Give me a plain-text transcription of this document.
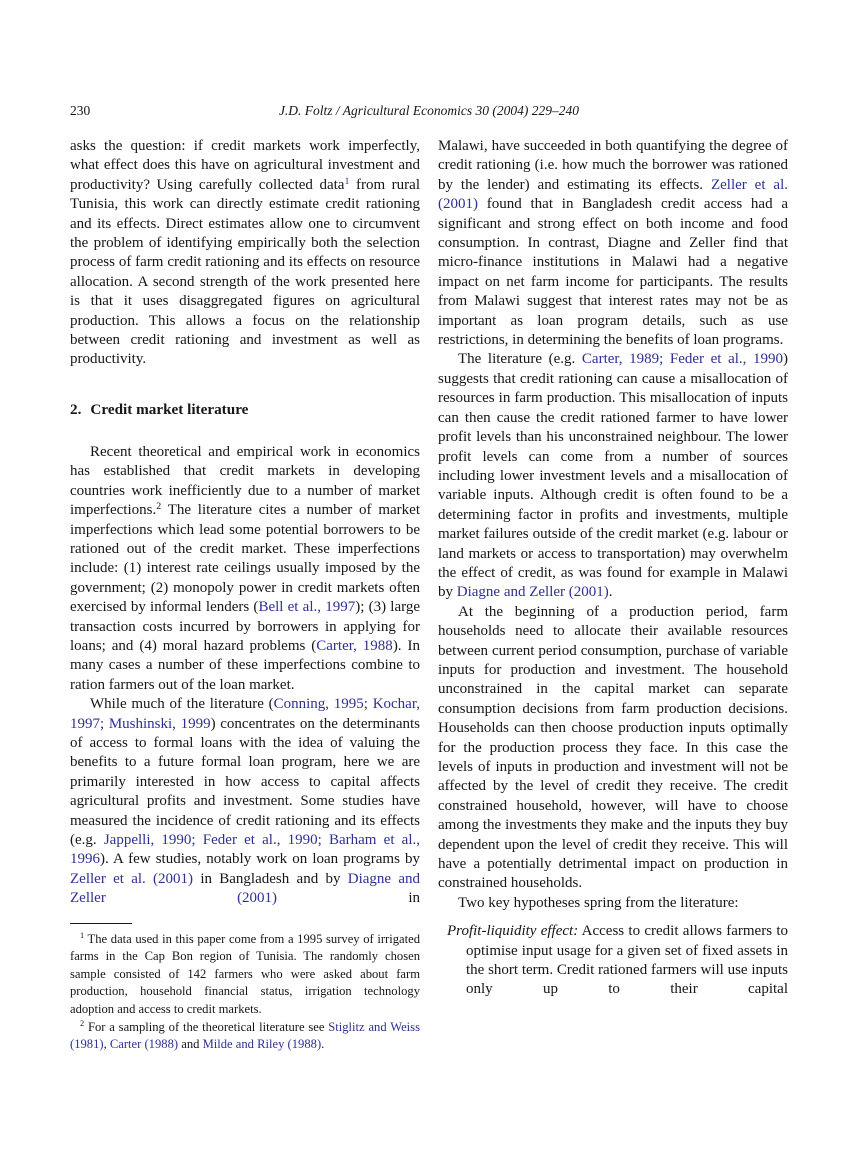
230	J.D. Foltz / Agricultural Economics 30 (2004) 229–240

asks the question: if credit markets work imperfectly, what effect does this have on agricultural investment and productivity? Using carefully collected data$^1$ from rural Tunisia, this work can directly estimate credit rationing and its effects. Direct estimates allow one to circumvent the problem of identifying empirically both the selection process of farm credit rationing and its effects on resource allocation. A second strength of the work presented here is that it uses disaggregated figures on agricultural production. This allows a focus on the relationship between credit rationing and investment as well as productivity.

2. Credit market literature

Recent theoretical and empirical work in economics has established that credit markets in developing countries work inefficiently due to a number of market imperfections.$^2$ The literature cites a number of market imperfections which lead some potential borrowers to be rationed out of the credit market. These imperfections include: (1) interest rate ceilings usually imposed by the government; (2) monopoly power in credit markets often exercised by informal lenders (Bell et al., 1997); (3) large transaction costs incurred by borrowers in applying for loans; and (4) moral hazard problems (Carter, 1988). In many cases a number of these imperfections combine to ration farmers out of the loan market.

While much of the literature (Conning, 1995; Kochar, 1997; Mushinski, 1999) concentrates on the determinants of access to formal loans with the idea of valuing the benefits to a future formal loan program, here we are primarily interested in how access to capital affects agricultural profits and investment. Some studies have measured the incidence of credit rationing and its effects (e.g. Jappelli, 1990; Feder et al., 1990; Barham et al., 1996). A few studies, notably work on loan programs by Zeller et al. (2001) in Bangladesh and by Diagne and Zeller (2001) in

$^1$ The data used in this paper come from a 1995 survey of irrigated farms in the Cap Bon region of Tunisia. The randomly chosen sample consisted of 142 farmers who were asked about farm production, household financial status, irrigation technology adoption and access to credit markets.

$^2$ For a sampling of the theoretical literature see Stiglitz and Weiss (1981), Carter (1988) and Milde and Riley (1988).

Malawi, have succeeded in both quantifying the degree of credit rationing (i.e. how much the borrower was rationed by the lender) and estimating its effects. Zeller et al. (2001) found that in Bangladesh credit access had a significant and strong effect on both income and food consumption. In contrast, Diagne and Zeller find that micro-finance institutions in Malawi had a negative impact on net farm income for participants. The results from Malawi suggest that interest rates may not be as important as loan program details, such as use restrictions, in determining the benefits of loan programs.

The literature (e.g. Carter, 1989; Feder et al., 1990) suggests that credit rationing can cause a misallocation of resources in farm production. This misallocation of inputs can then cause the credit rationed farmer to have lower profit levels than his unconstrained neighbour. The lower profit levels can come from a number of sources including lower investment levels and a misallocation of variable inputs. Although credit is often found to be a determining factor in profits and investments, multiple market failures outside of the credit market (e.g. labour or land markets or access to transportation) may overwhelm the effect of credit, as was found for example in Malawi by Diagne and Zeller (2001).

At the beginning of a production period, farm households need to allocate their available resources between current period consumption, purchase of variable inputs for production and investment. The household unconstrained in the capital market can separate consumption decisions from farm production decisions. Households can then choose production inputs optimally for the production process they face. In this case the levels of inputs in production and investment will not be affected by the level of credit they receive. The credit constrained household, however, will have to choose among the investments they make and the inputs they buy dependent upon the level of credit they receive. This will have a potentially detrimental impact on production in constrained households.

Two key hypotheses spring from the literature:

Profit-liquidity effect: Access to credit allows farmers to optimise input usage for a given set of fixed assets in the short term. Credit rationed farmers will use inputs only up to their capital
